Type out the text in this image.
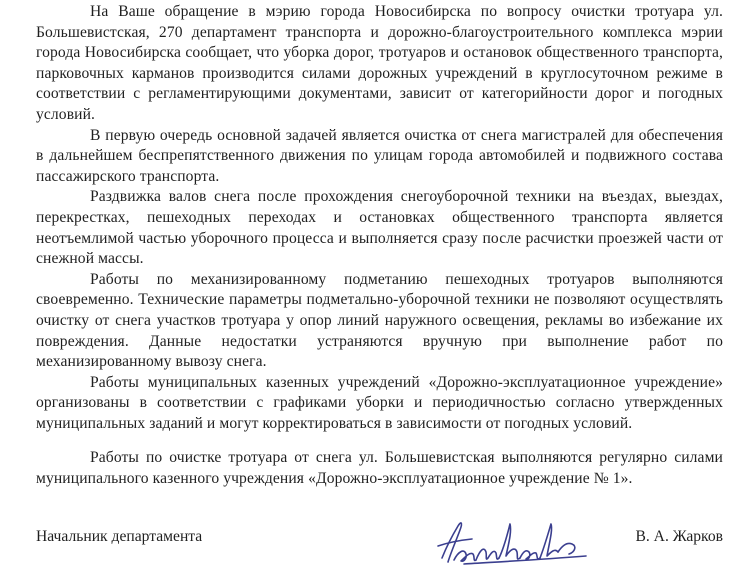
На Ваше обращение в мэрию города Новосибирска по вопросу очистки тротуара ул. Большевистская, 270 департамент транспорта и дорожно-благоустроительного комплекса мэрии города Новосибирска сообщает, что уборка дорог, тротуаров и остановок общественного транспорта, парковочных карманов производится силами дорожных учреждений в круглосуточном режиме в соответствии с регламентирующими документами, зависит от категорийности дорог и погодных условий.

В первую очередь основной задачей является очистка от снега магистралей для обеспечения в дальнейшем беспрепятственного движения по улицам города автомобилей и подвижного состава пассажирского транспорта.

Раздвижка валов снега после прохождения снегоуборочной техники на въездах, выездах, перекрестках, пешеходных переходах и остановках общественного транспорта является неотъемлимой частью уборочного процесса и выполняется сразу после расчистки проезжей части от снежной массы.

Работы по механизированному подметанию пешеходных тротуаров выполняются своевременно. Технические параметры подметально-уборочной техники не позволяют осуществлять очистку от снега участков тротуара у опор линий наружного освещения, рекламы во избежание их повреждения. Данные недостатки устраняются вручную при выполнение работ по механизированному вывозу снега.

Работы муниципальных казенных учреждений «Дорожно-эксплуатационное учреждение» организованы в соответствии с графиками уборки и периодичностью согласно утвержденных муниципальных заданий и могут корректироваться в зависимости от погодных условий.

Работы по очистке тротуара от снега ул. Большевистская выполняются регулярно силами муниципального казенного учреждения «Дорожно-эксплуатационное учреждение № 1».

Начальник департамента	В. А. Жарков
